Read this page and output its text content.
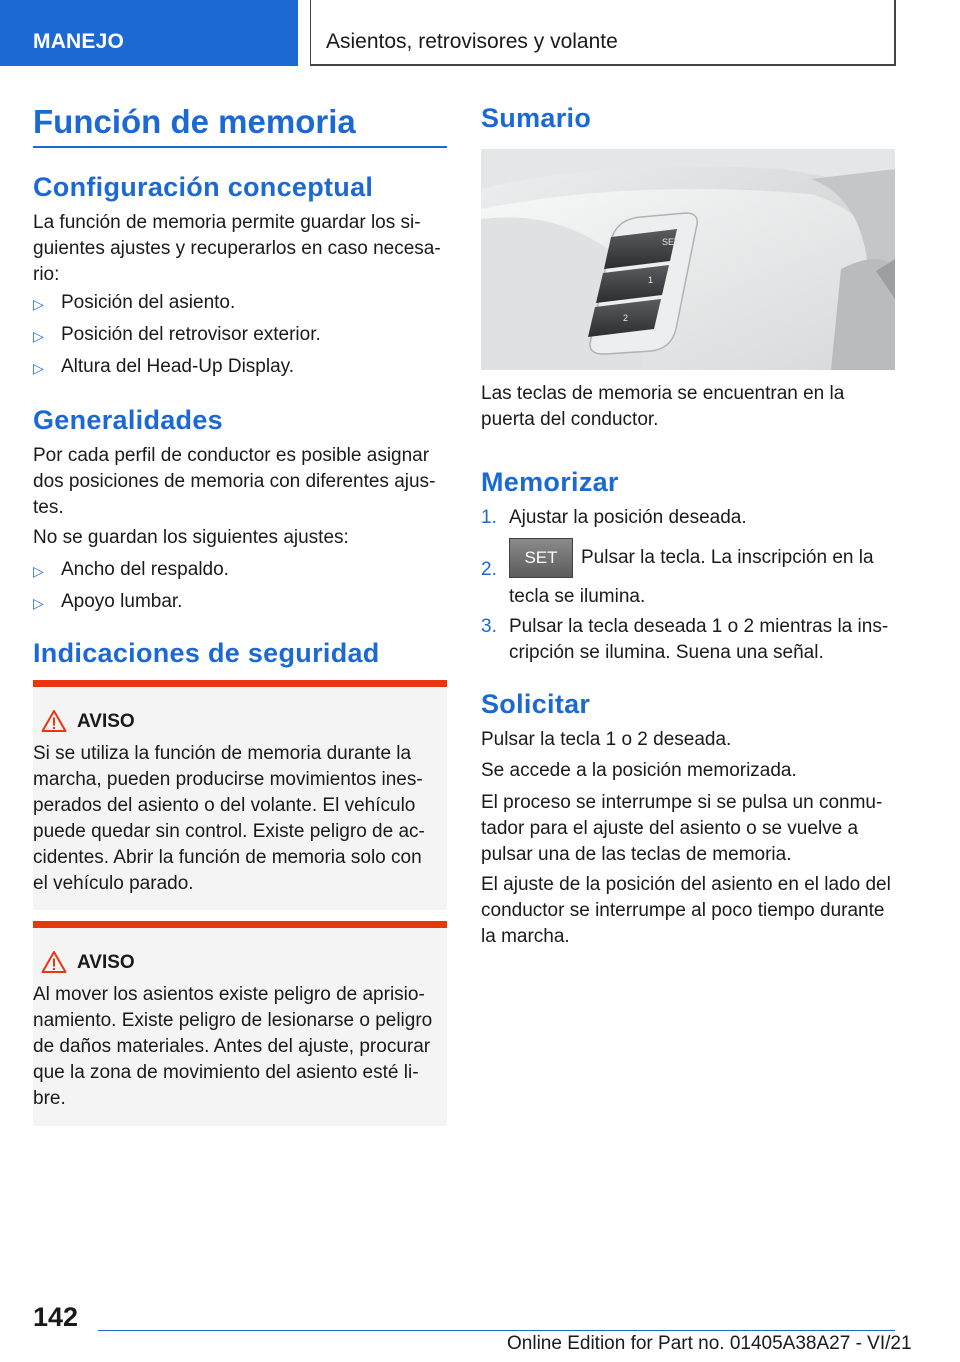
MANEJO	Asientos, retrovisores y volante
Función de memoria
Configuración conceptual
La función de memoria permite guardar los siguientes ajustes y recuperarlos en caso necesario:
▷ Posición del asiento.
▷ Posición del retrovisor exterior.
▷ Altura del Head-Up Display.
Generalidades
Por cada perfil de conductor es posible asignar dos posiciones de memoria con diferentes ajustes.
No se guardan los siguientes ajustes:
▷ Ancho del respaldo.
▷ Apoyo lumbar.
Indicaciones de seguridad
AVISO
Si se utiliza la función de memoria durante la marcha, pueden producirse movimientos inesperados del asiento o del volante. El vehículo puede quedar sin control. Existe peligro de accidentes. Abrir la función de memoria solo con el vehículo parado.
AVISO
Al mover los asientos existe peligro de aprisionamiento. Existe peligro de lesionarse o peligro de daños materiales. Antes del ajuste, procurar que la zona de movimiento del asiento esté libre.
Sumario
SET
1
2
Las teclas de memoria se encuentran en la puerta del conductor.
Memorizar
1. Ajustar la posición deseada.
2.
SET Pulsar la tecla. La inscripción en la tecla se ilumina.
3. Pulsar la tecla deseada 1 o 2 mientras la inscripción se ilumina. Suena una señal.
Solicitar
Pulsar la tecla 1 o 2 deseada.
Se accede a la posición memorizada.
El proceso se interrumpe si se pulsa un conmutador para el ajuste del asiento o se vuelve a pulsar una de las teclas de memoria.
El ajuste de la posición del asiento en el lado del conductor se interrumpe al poco tiempo durante la marcha.
142
Online Edition for Part no. 01405A38A27 - VI/21
